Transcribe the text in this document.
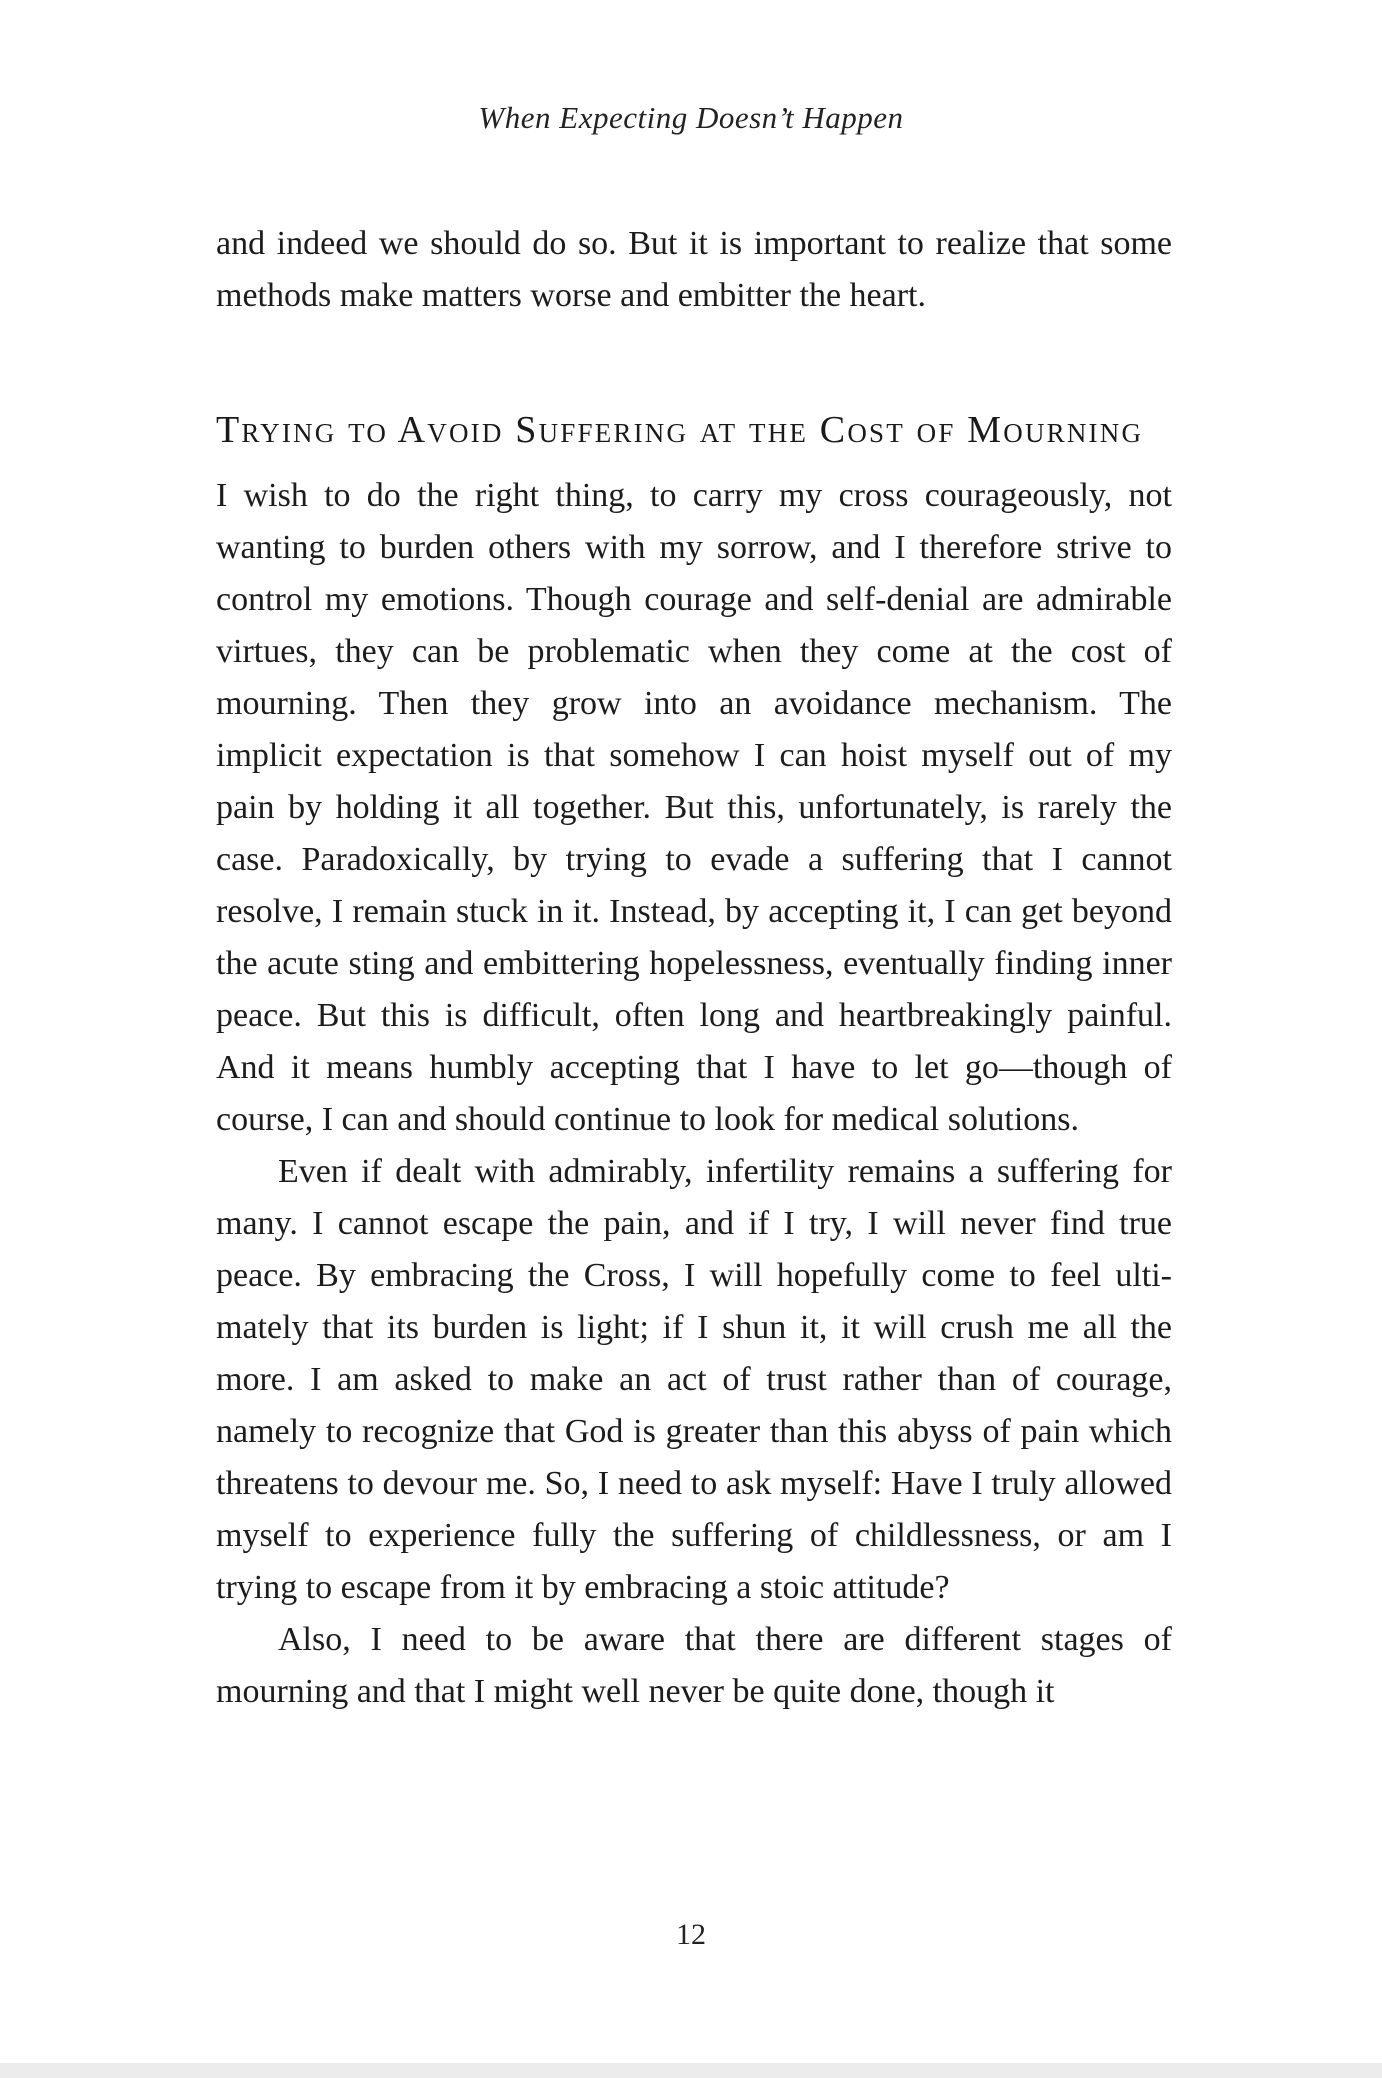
When Expecting Doesn’t Happen

and indeed we should do so. But it is important to realize that some methods make matters worse and embitter the heart.

Trying to Avoid Suffering at the Cost of Mourning

I wish to do the right thing, to carry my cross courageously, not wanting to burden others with my sorrow, and I therefore strive to control my emotions. Though courage and self-denial are admirable virtues, they can be problematic when they come at the cost of mourning. Then they grow into an avoidance mechanism. The implicit expectation is that somehow I can hoist myself out of my pain by holding it all together. But this, unfortunately, is rarely the case. Paradoxically, by trying to evade a suffering that I cannot resolve, I remain stuck in it. Instead, by accepting it, I can get beyond the acute sting and embittering hopelessness, eventually finding inner peace. But this is difficult, often long and heartbreakingly painful. And it means humbly accepting that I have to let go—though of course, I can and should continue to look for medical solutions.

Even if dealt with admirably, infertility remains a suffering for many. I cannot escape the pain, and if I try, I will never find true peace. By embracing the Cross, I will hopefully come to feel ultimately that its burden is light; if I shun it, it will crush me all the more. I am asked to make an act of trust rather than of courage, namely to recognize that God is greater than this abyss of pain which threatens to devour me. So, I need to ask myself: Have I truly allowed myself to experience fully the suffering of childlessness, or am I trying to escape from it by embracing a stoic attitude?

Also, I need to be aware that there are different stages of mourning and that I might well never be quite done, though it

12
